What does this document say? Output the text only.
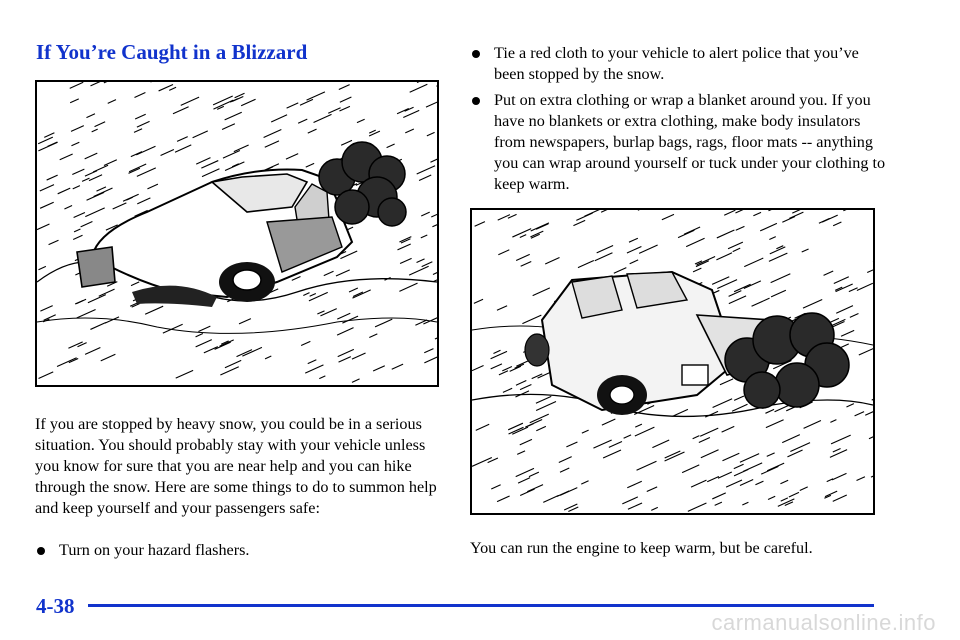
If You’re Caught in a Blizzard

If you are stopped by heavy snow, you could be in a serious situation. You should probably stay with your vehicle unless you know for sure that you are near help and you can hike through the snow. Here are some things to do to summon help and keep yourself and your passengers safe:

Turn on your hazard flashers.
Tie a red cloth to your vehicle to alert police that you’ve been stopped by the snow.
Put on extra clothing or wrap a blanket around you. If you have no blankets or extra clothing, make body insulators from newspapers, burlap bags, rags, floor mats -- anything you can wrap around yourself or tuck under your clothing to keep warm.

You can run the engine to keep warm, but be careful.

4-38
carmanualsonline.info
